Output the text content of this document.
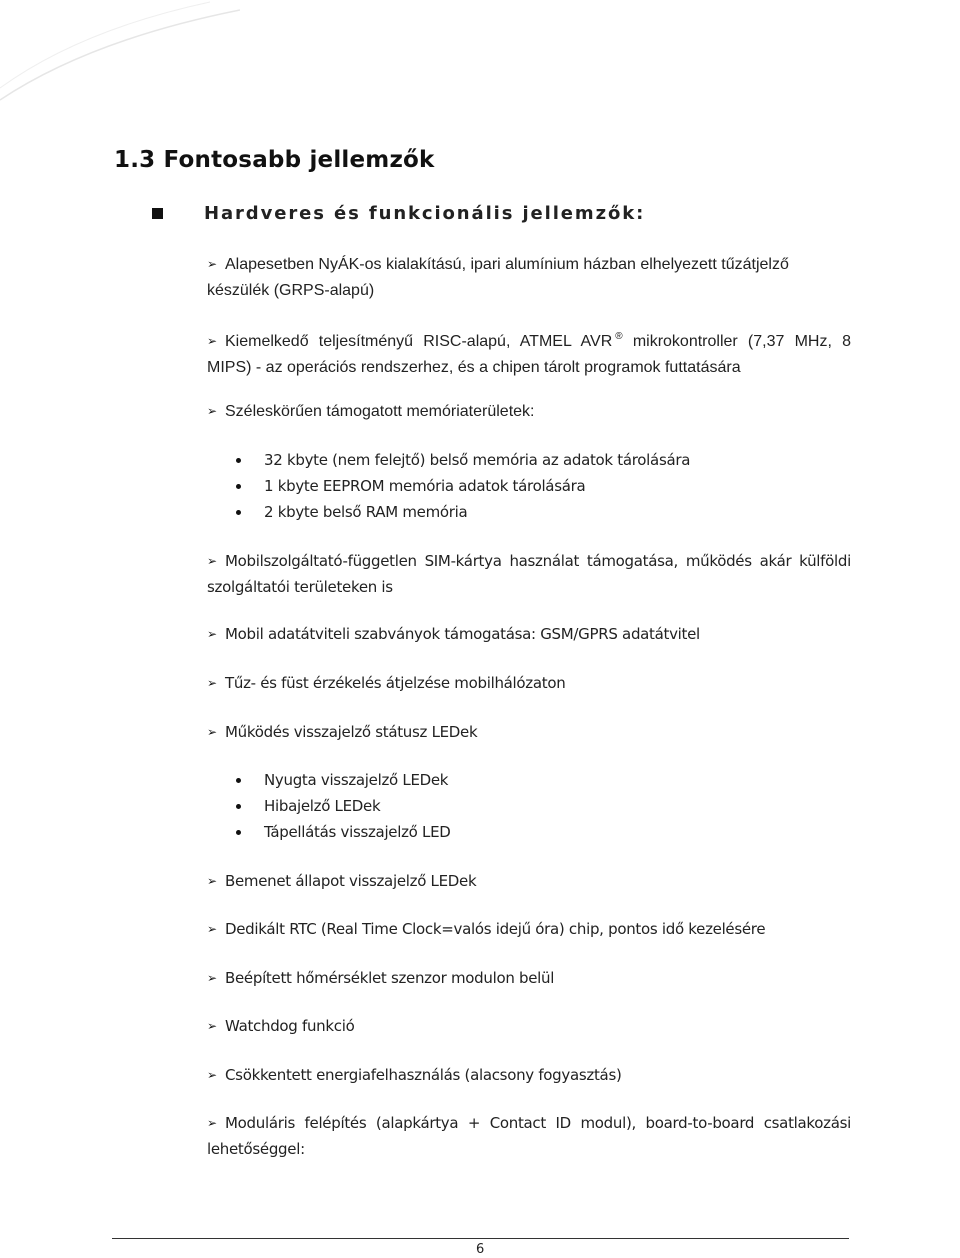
1.3 Fontosabb jellemzők
Hardveres és funkcionális jellemzők:

➢ Alapesetben NyÁK-os kialakítású, ipari alumínium házban elhelyezett tűzátjelző készülék (GRPS-alapú)

➢ Kiemelkedő teljesítményű RISC-alapú, ATMEL AVR ® mikrokontroller (7,37 MHz, 8 MIPS) - az operációs rendszerhez, és a chipen tárolt programok futtatására

➢ Széleskörűen támogatott memóriaterületek:

32 kbyte (nem felejtő) belső memória az adatok tárolására
1 kbyte EEPROM memória adatok tárolására
2 kbyte belső RAM memória

➢ Mobilszolgáltató-független SIM-kártya használat támogatása, működés akár külföldi szolgáltatói területeken is

➢ Mobil adatátviteli szabványok támogatása: GSM/GPRS adatátvitel

➢ Tűz- és füst érzékelés átjelzése mobilhálózaton

➢ Működés visszajelző státusz LEDek

Nyugta visszajelző LEDek
Hibajelző LEDek
Tápellátás visszajelző LED

➢ Bemenet állapot visszajelző LEDek

➢ Dedikált RTC (Real Time Clock=valós idejű óra) chip, pontos idő kezelésére

➢ Beépített hőmérséklet szenzor modulon belül

➢ Watchdog funkció

➢ Csökkentett energiafelhasználás (alacsony fogyasztás)

➢ Moduláris felépítés (alapkártya + Contact ID modul), board-to-board csatlakozási lehetőséggel:

6
